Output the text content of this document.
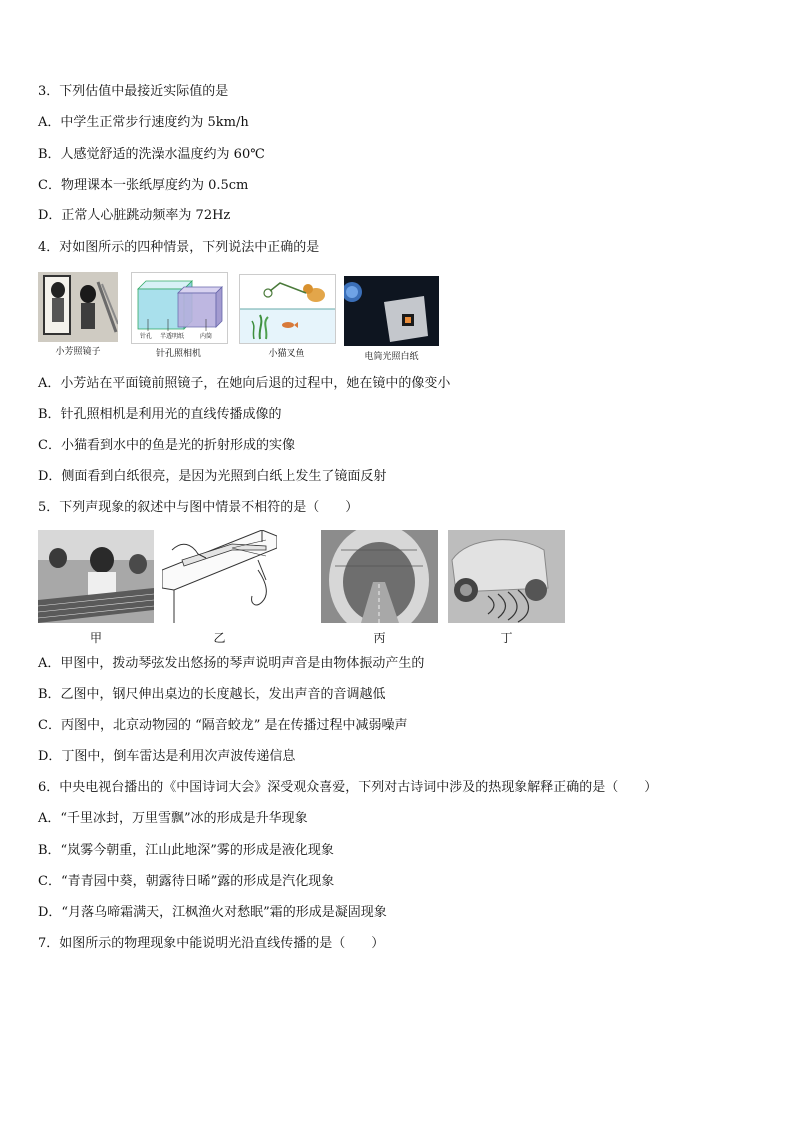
3．下列估值中最接近实际值的是
A．中学生正常步行速度约为 5km/h
B．人感觉舒适的洗澡水温度约为 60℃
C．物理课本一张纸厚度约为 0.5cm
D．正常人心脏跳动频率为 72Hz
4．对如图所示的四种情景，下列说法中正确的是
小芳照镜子
针孔 半透明纸	内筒
针孔照相机	小猫叉鱼	电筒光照白纸
A．小芳站在平面镜前照镜子，在她向后退的过程中，她在镜中的像变小
B．针孔照相机是利用光的直线传播成像的
C．小猫看到水中的鱼是光的折射形成的实像
D．侧面看到白纸很亮，是因为光照到白纸上发生了镜面反射
5．下列声现象的叙述中与图中情景不相符的是（　　）
甲	乙	丙	丁
A．甲图中，拨动琴弦发出悠扬的琴声说明声音是由物体振动产生的
B．乙图中，钢尺伸出桌边的长度越长，发出声音的音调越低
C．丙图中，北京动物园的 “隔音蛟龙” 是在传播过程中减弱噪声
D．丁图中，倒车雷达是利用次声波传递信息
6．中央电视台播出的《中国诗词大会》深受观众喜爱，下列对古诗词中涉及的热现象解释正确的是（　　）
A．“千里冰封，万里雪飘”冰的形成是升华现象
B．“岚雾今朝重，江山此地深”雾的形成是液化现象
C．“青青园中葵，朝露待日晞”露的形成是汽化现象
D．“月落乌啼霜满天，江枫渔火对愁眠”霜的形成是凝固现象
7．如图所示的物理现象中能说明光沿直线传播的是（　　）
